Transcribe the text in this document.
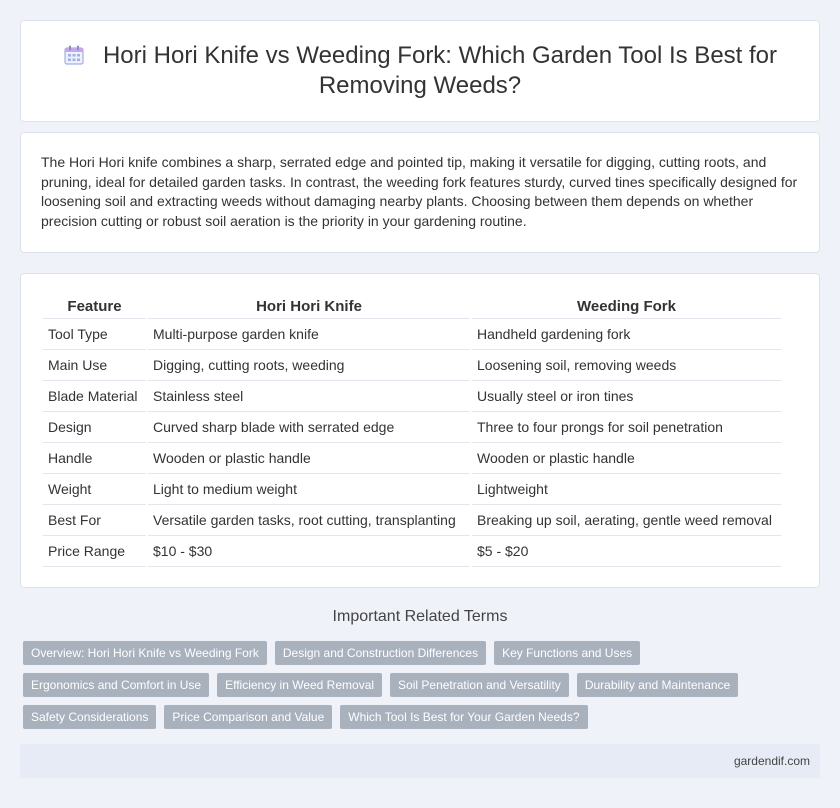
Hori Hori Knife vs Weeding Fork: Which Garden Tool Is Best for Removing Weeds?

The Hori Hori knife combines a sharp, serrated edge and pointed tip, making it versatile for digging, cutting roots, and pruning, ideal for detailed garden tasks. In contrast, the weeding fork features sturdy, curved tines specifically designed for loosening soil and extracting weeds without damaging nearby plants. Choosing between them depends on whether precision cutting or robust soil aeration is the priority in your gardening routine.

Feature	Hori Hori Knife	Weeding Fork
Tool Type	Multi-purpose garden knife	Handheld gardening fork
Main Use	Digging, cutting roots, weeding	Loosening soil, removing weeds
Blade Material	Stainless steel	Usually steel or iron tines
Design	Curved sharp blade with serrated edge	Three to four prongs for soil penetration
Handle	Wooden or plastic handle	Wooden or plastic handle
Weight	Light to medium weight	Lightweight
Best For	Versatile garden tasks, root cutting, transplanting	Breaking up soil, aerating, gentle weed removal
Price Range	$10 - $30	$5 - $20
Important Related Terms
Overview: Hori Hori Knife vs Weeding Fork	Design and Construction Differences	Key Functions and Uses
Ergonomics and Comfort in Use	Efficiency in Weed Removal	Soil Penetration and Versatility	Durability and Maintenance
Safety Considerations	Price Comparison and Value	Which Tool Is Best for Your Garden Needs?
gardendif.com
